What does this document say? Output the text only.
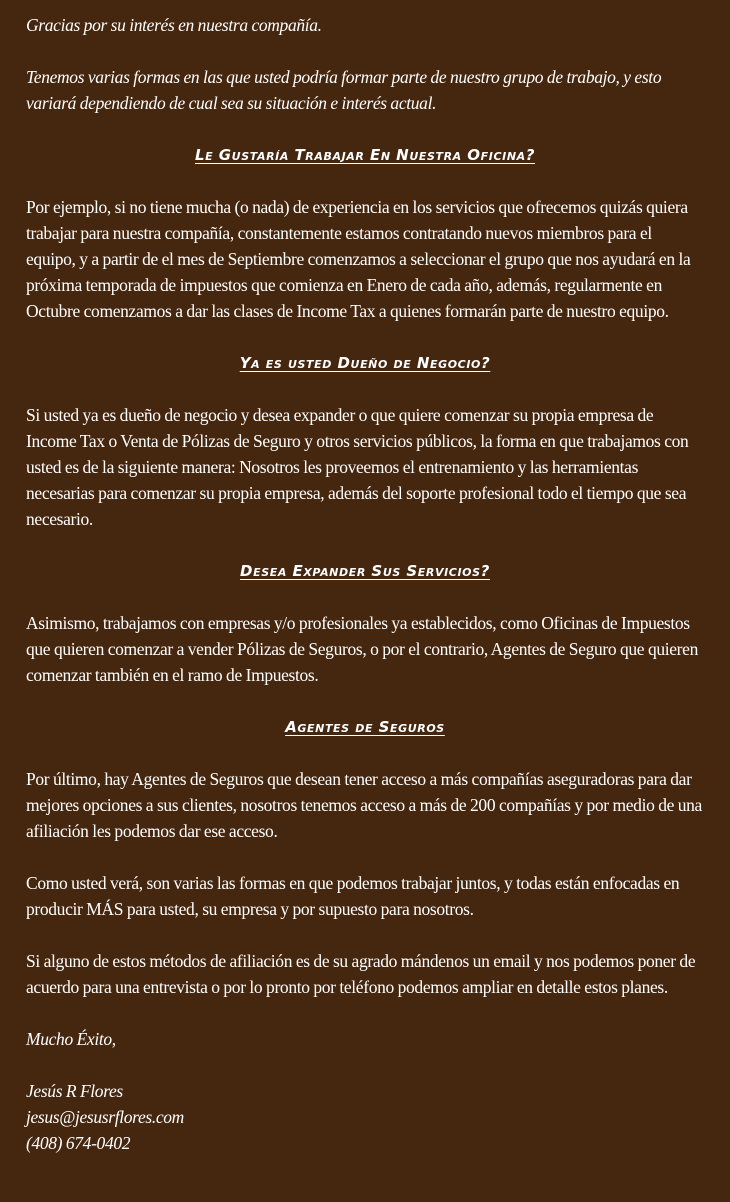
Gracias por su interés en nuestra compañía.

Tenemos varias formas en las que usted podría formar parte de nuestro grupo de trabajo, y esto variará dependiendo de cual sea su situación e interés actual.

Le Gustaría Trabajar En Nuestra Oficina?

Por ejemplo, si no tiene mucha (o nada) de experiencia en los servicios que ofrecemos quizás quiera trabajar para nuestra compañía, constantemente estamos contratando nuevos miembros para el equipo, y a partir de el mes de Septiembre comenzamos a seleccionar el grupo que nos ayudará en la próxima temporada de impuestos que comienza en Enero de cada año, además, regularmente en Octubre comenzamos a dar las clases de Income Tax a quienes formarán parte de nuestro equipo.

Ya es usted Dueño de Negocio?

Si usted ya es dueño de negocio y desea expander o que quiere comenzar su propia empresa de Income Tax o Venta de Pólizas de Seguro y otros servicios públicos, la forma en que trabajamos con usted es de la siguiente manera: Nosotros les proveemos el entrenamiento y las herramientas necesarias para comenzar su propia empresa, además del soporte profesional todo el tiempo que sea necesario.

Desea Expander Sus Servicios?

Asimismo, trabajamos con empresas y/o profesionales ya establecidos, como Oficinas de Impuestos que quieren comenzar a vender Pólizas de Seguros, o por el contrario, Agentes de Seguro que quieren comenzar también en el ramo de Impuestos.

Agentes de Seguros

Por último, hay Agentes de Seguros que desean tener acceso a más compañías aseguradoras para dar mejores opciones a sus clientes, nosotros tenemos acceso a más de 200 compañías y por medio de una afiliación les podemos dar ese acceso.

Como usted verá, son varias las formas en que podemos trabajar juntos, y todas están enfocadas en producir MÁS para usted, su empresa y por supuesto para nosotros.

Si alguno de estos métodos de afiliación es de su agrado mándenos un email y nos podemos poner de acuerdo para una entrevista o por lo pronto por teléfono podemos ampliar en detalle estos planes.

Mucho Éxito,

Jesús R Flores
jesus@jesusrflores.com
(408) 674-0402
